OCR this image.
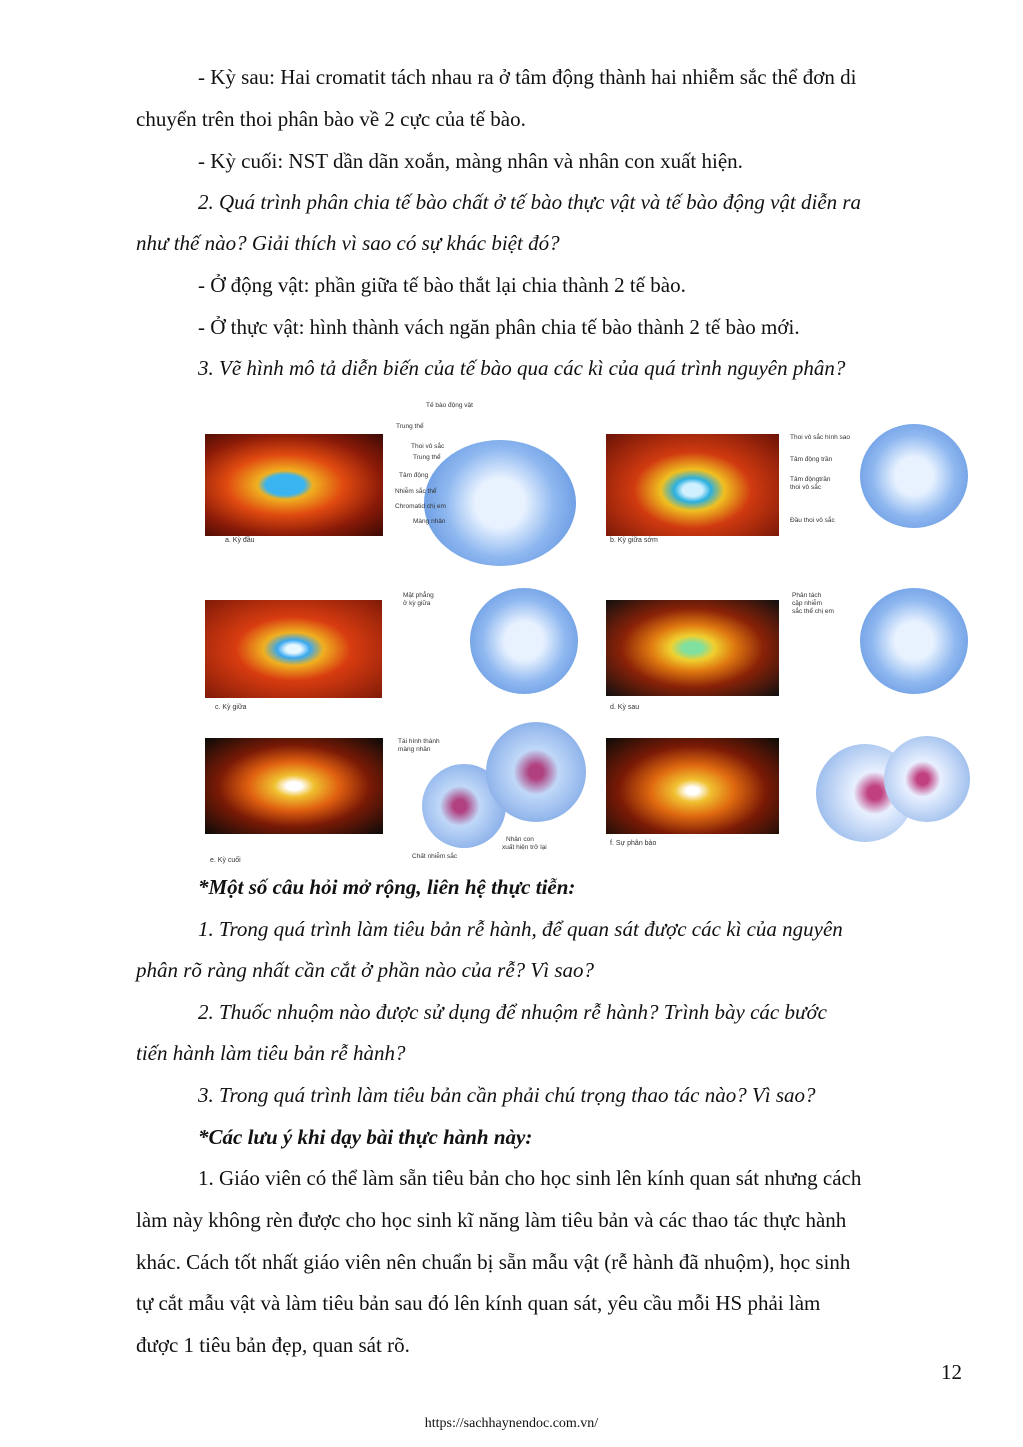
- Kỳ sau: Hai cromatit tách nhau ra ở tâm động thành hai nhiễm sắc thể đơn di

chuyển trên thoi phân bào về 2 cực của tế bào.

- Kỳ cuối: NST dần dãn xoắn, màng nhân và nhân con xuất hiện.

2. Quá trình phân chia tế bào chất ở tế bào thực vật và tế bào động vật diễn ra

như thế nào? Giải thích vì sao có sự khác biệt đó?

- Ở động vật: phần giữa tế bào thắt lại chia thành 2 tế bào.

- Ở thực vật: hình thành vách ngăn phân chia tế bào thành 2 tế bào mới.

3. Vẽ hình mô tả diễn biến của tế bào qua các kì của quá trình nguyên phân?

Tế bào động vật
Trung thể
Thoi vô sắc
Trung thể
Tâm động
Nhiễm sắc thể
Chromatid chị em
Màng nhân
a. Kỳ đầu	b. Kỳ giữa sớm
Mặt phẳng
ở kỳ giữa
c. Kỳ giữa	d. Kỳ sau
Tái hình thành
màng nhân
Chất nhiễm sắc
Nhân con
xuất hiện trở lại
e. Kỳ cuối
f. Sự phân bào
Thoi vô sắc hình sao
Tâm động trần
Tâm độngtrần
thoi vô sắc
Đầu thoi vô sắc
Phân tách
cặp nhiễm
sắc thể chị em

*Một số câu hỏi mở rộng, liên hệ thực tiễn:

1. Trong quá trình làm tiêu bản rễ hành, để quan sát được các kì của nguyên

phân rõ ràng nhất cần cắt ở phần nào của rễ? Vì sao?

2. Thuốc nhuộm nào được sử dụng để nhuộm rễ hành? Trình bày các bước

tiến hành làm tiêu bản rễ hành?

3. Trong quá trình làm tiêu bản cần phải chú trọng thao tác nào? Vì sao?

*Các lưu ý khi dạy bài thực hành này:

1. Giáo viên có thể làm sẵn tiêu bản cho học sinh lên kính quan sát nhưng cách

làm này không rèn được cho học sinh kĩ năng làm tiêu bản và các thao tác thực hành

khác. Cách tốt nhất giáo viên nên chuẩn bị sẵn mẫu vật (rễ hành đã nhuộm), học sinh

tự cắt mẫu vật và làm tiêu bản sau đó lên kính quan sát, yêu cầu mỗi HS phải làm

được 1 tiêu bản đẹp, quan sát rõ.

12
https://sachhaynendoc.com.vn/
